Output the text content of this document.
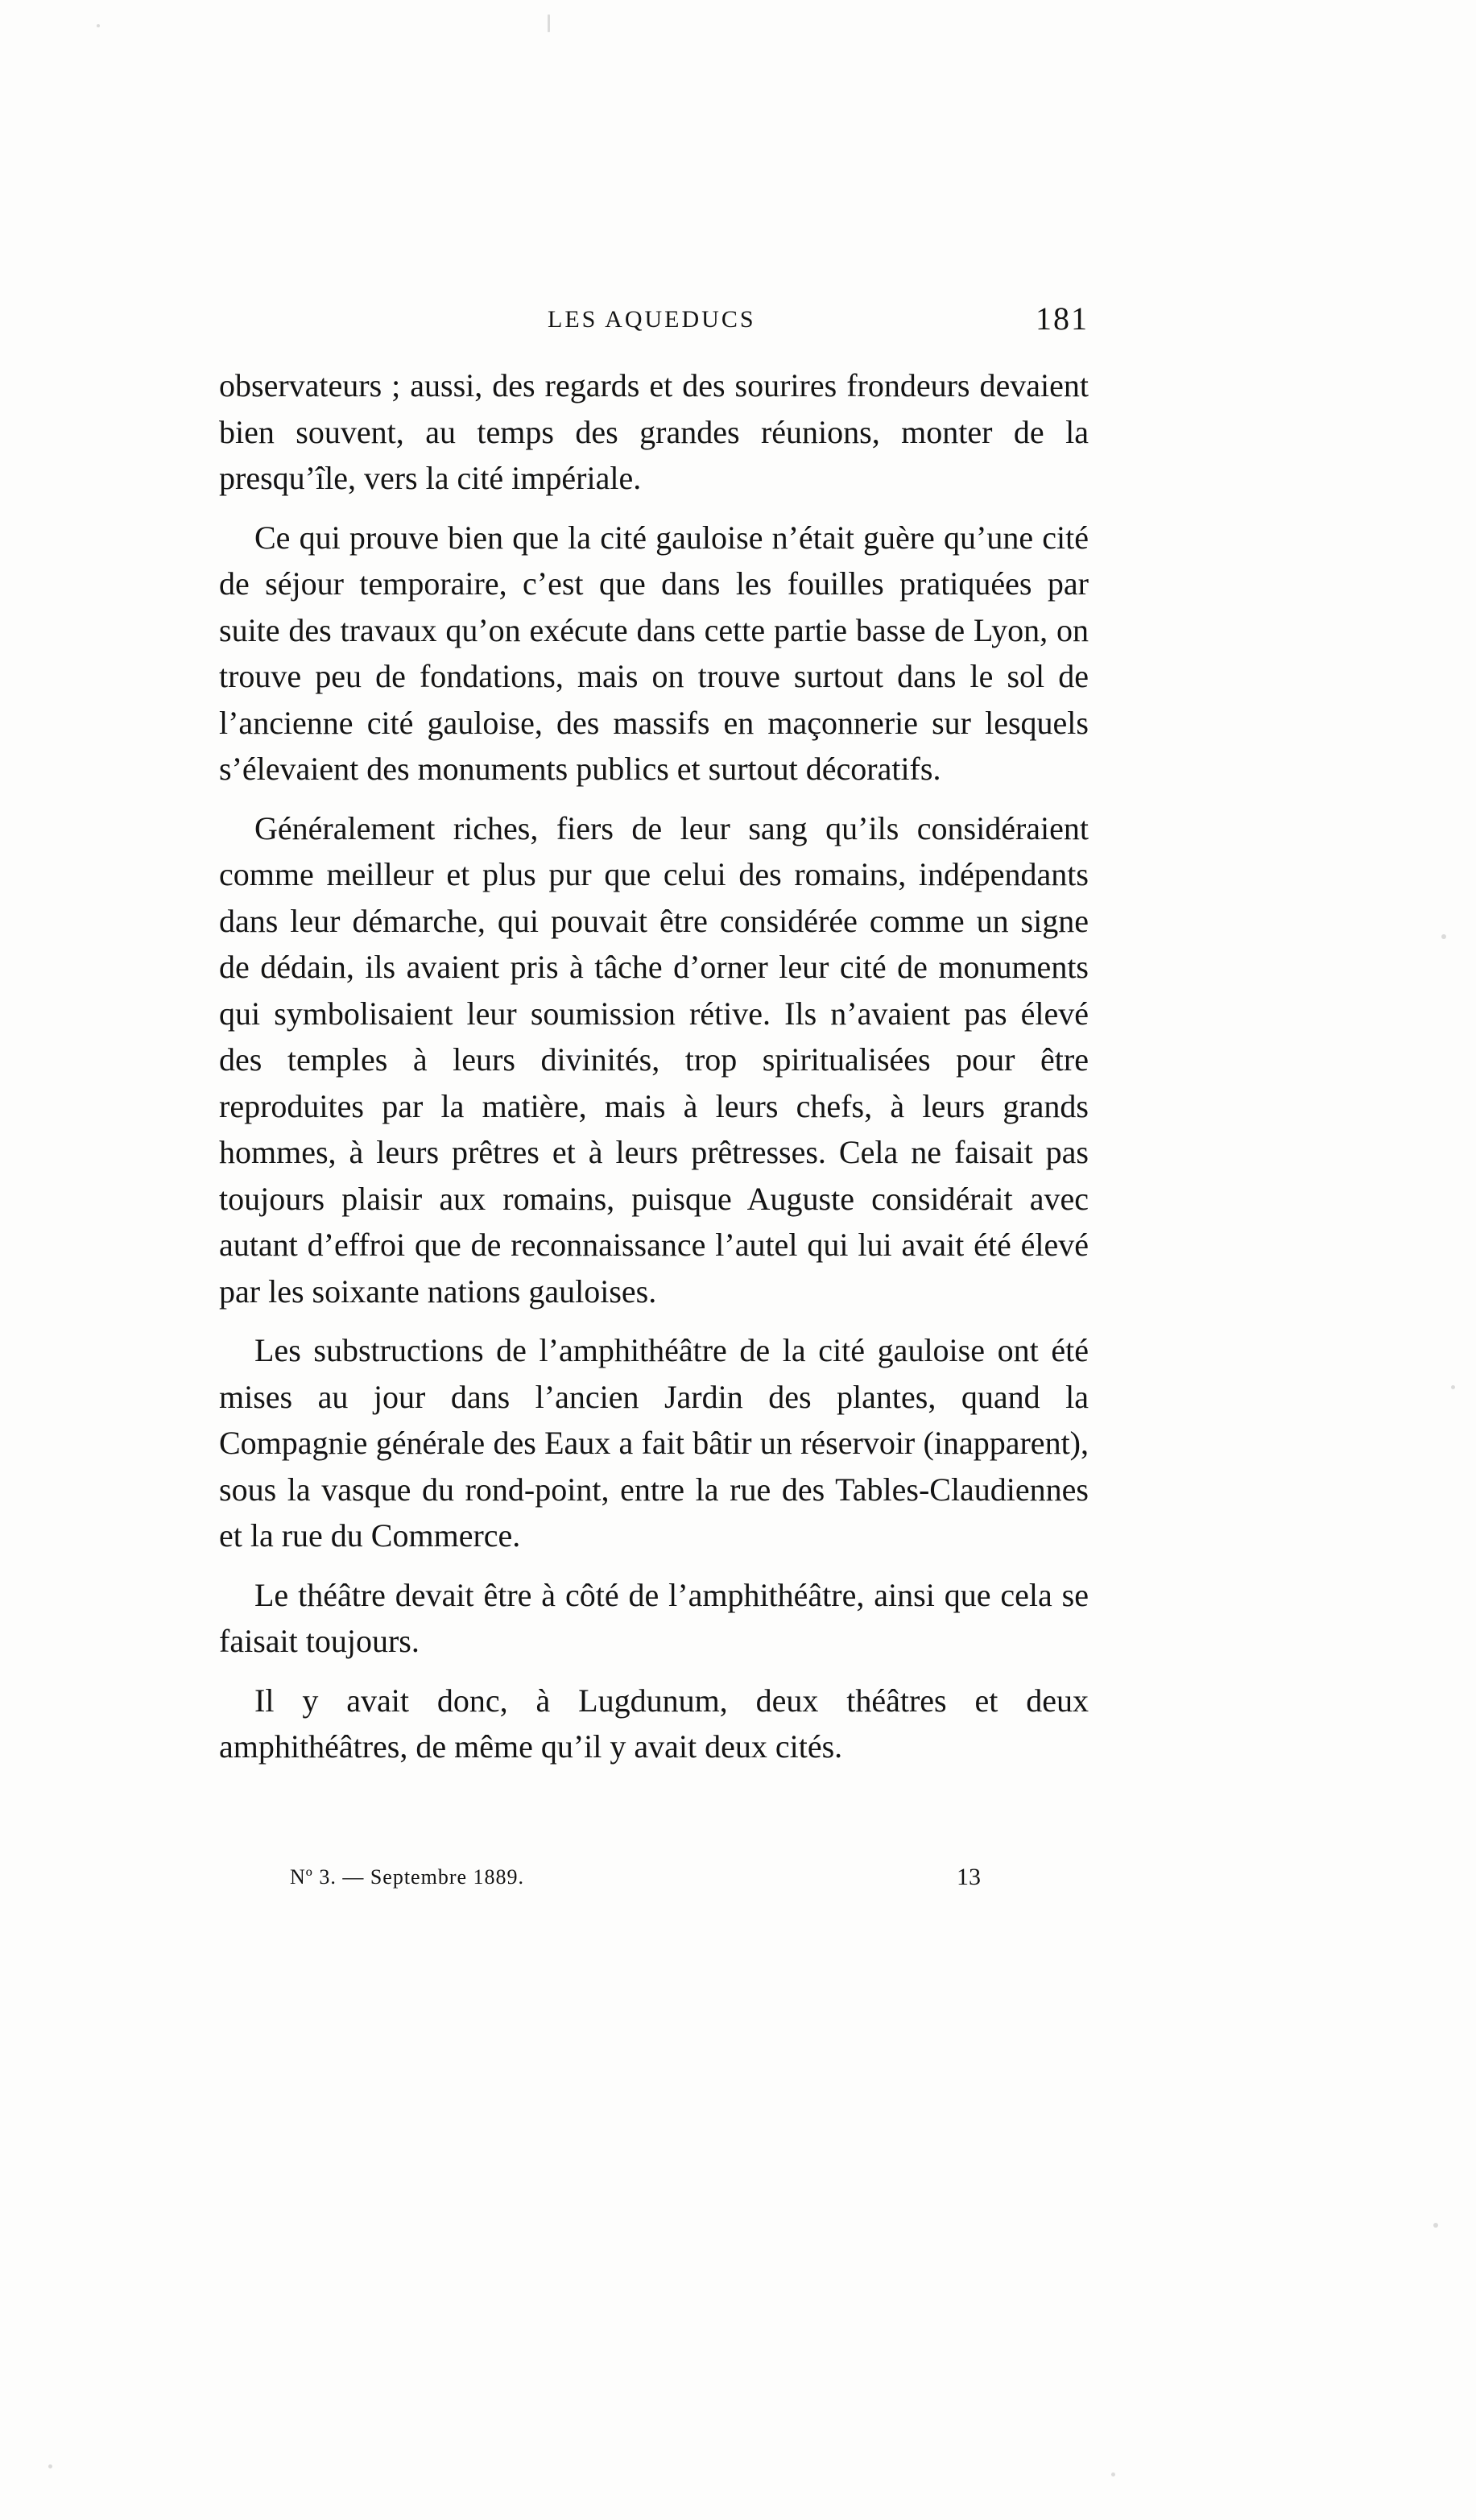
LES AQUEDUCS	181

observateurs ; aussi, des regards et des sourires frondeurs devaient bien souvent, au temps des grandes réunions, monter de la presqu’île, vers la cité impériale.

Ce qui prouve bien que la cité gauloise n’était guère qu’une cité de séjour temporaire, c’est que dans les fouilles pratiquées par suite des travaux qu’on exécute dans cette partie basse de Lyon, on trouve peu de fondations, mais on trouve surtout dans le sol de l’ancienne cité gauloise, des massifs en maçonnerie sur lesquels s’élevaient des monuments publics et surtout décoratifs.

Généralement riches, fiers de leur sang qu’ils considéraient comme meilleur et plus pur que celui des romains, indépendants dans leur démarche, qui pouvait être considérée comme un signe de dédain, ils avaient pris à tâche d’orner leur cité de monuments qui symbolisaient leur soumission rétive. Ils n’avaient pas élevé des temples à leurs divinités, trop spiritualisées pour être reproduites par la matière, mais à leurs chefs, à leurs grands hommes, à leurs prêtres et à leurs prêtresses. Cela ne faisait pas toujours plaisir aux romains, puisque Auguste considérait avec autant d’effroi que de reconnaissance l’autel qui lui avait été élevé par les soixante nations gauloises.

Les substructions de l’amphithéâtre de la cité gauloise ont été mises au jour dans l’ancien Jardin des plantes, quand la Compagnie générale des Eaux a fait bâtir un réservoir (inapparent), sous la vasque du rond-point, entre la rue des Tables-Claudiennes et la rue du Commerce.

Le théâtre devait être à côté de l’amphithéâtre, ainsi que cela se faisait toujours.

Il y avait donc, à Lugdunum, deux théâtres et deux amphithéâtres, de même qu’il y avait deux cités.

Nº 3. — Septembre 1889.	13
